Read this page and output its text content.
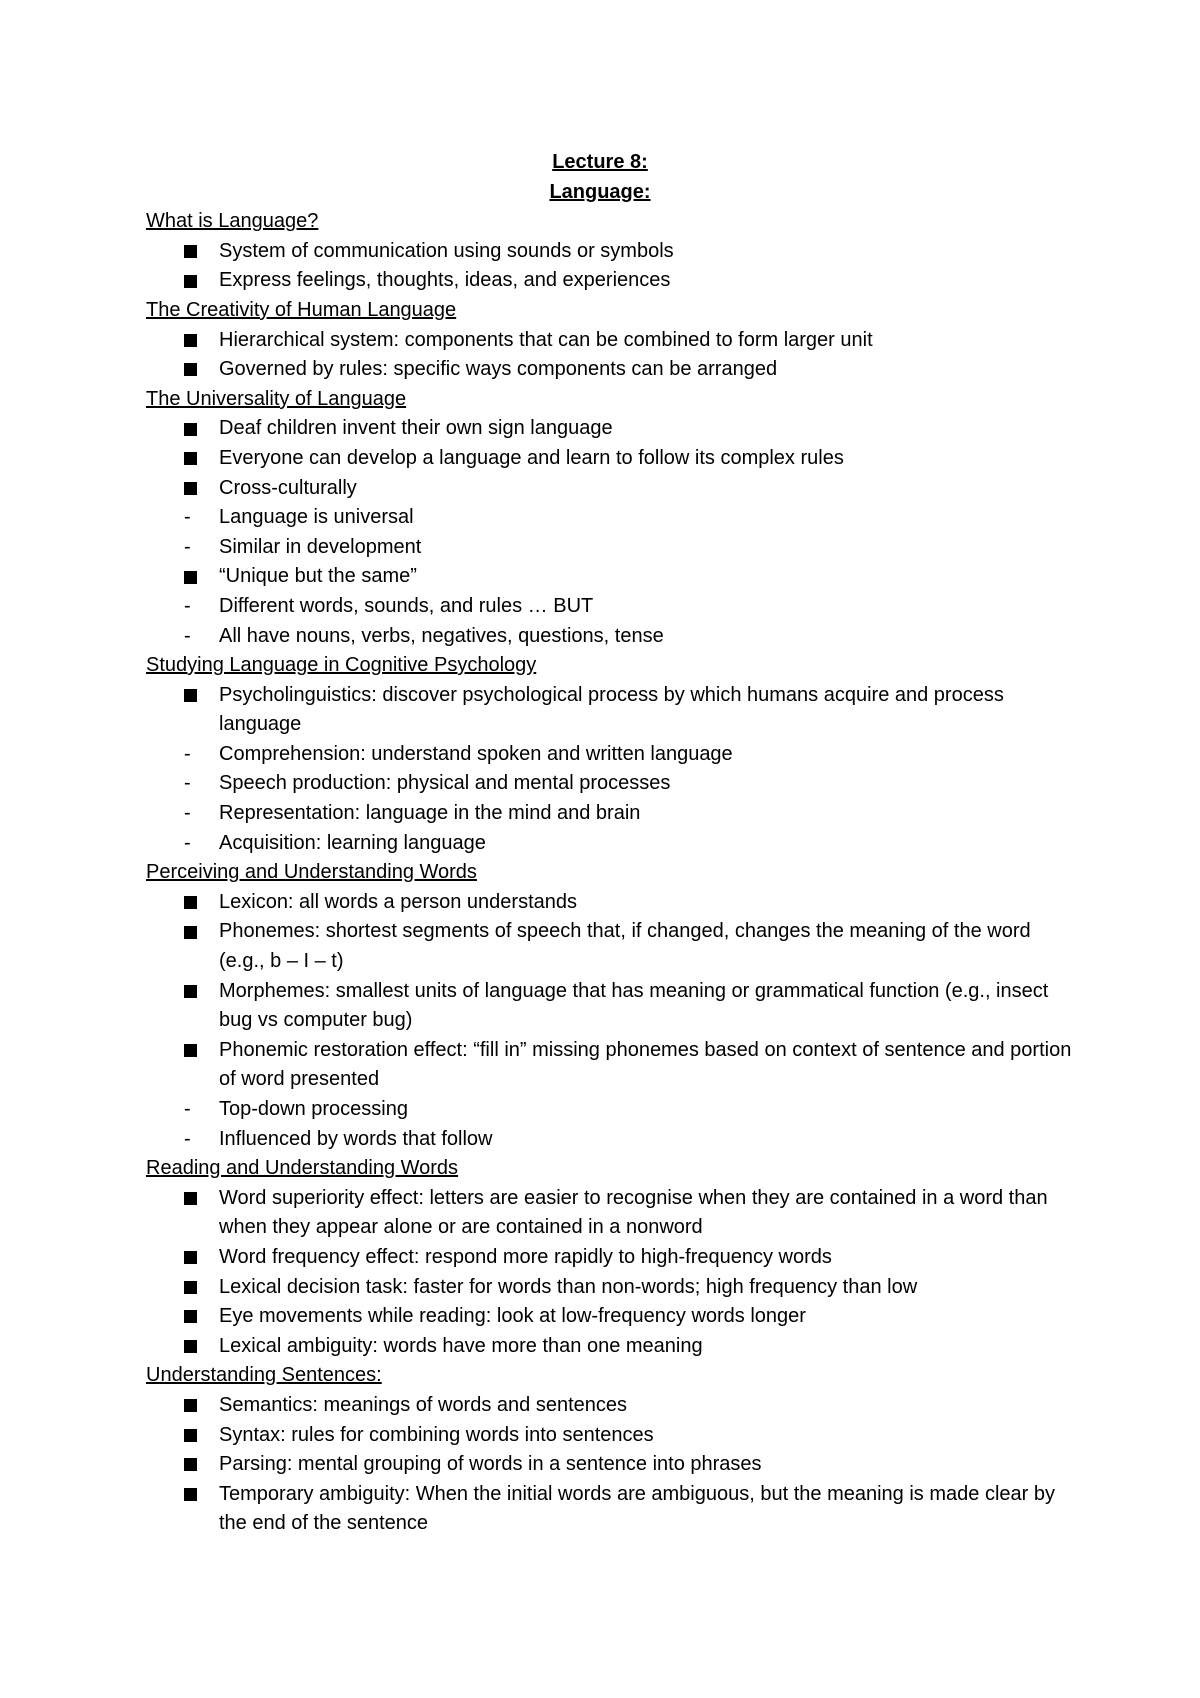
Lecture 8:
Language:
What is Language?
System of communication using sounds or symbols
Express feelings, thoughts, ideas, and experiences
The Creativity of Human Language
Hierarchical system: components that can be combined to form larger unit
Governed by rules: specific ways components can be arranged
The Universality of Language
Deaf children invent their own sign language
Everyone can develop a language and learn to follow its complex rules
Cross-culturally
- Language is universal
- Similar in development
“Unique but the same”
- Different words, sounds, and rules … BUT
- All have nouns, verbs, negatives, questions, tense
Studying Language in Cognitive Psychology
Psycholinguistics: discover psychological process by which humans acquire and process language
- Comprehension: understand spoken and written language
- Speech production: physical and mental processes
- Representation: language in the mind and brain
- Acquisition: learning language
Perceiving and Understanding Words
Lexicon: all words a person understands
Phonemes: shortest segments of speech that, if changed, changes the meaning of the word (e.g., b – I – t)
Morphemes: smallest units of language that has meaning or grammatical function (e.g., insect bug vs computer bug)
Phonemic restoration effect: “fill in” missing phonemes based on context of sentence and portion of word presented
- Top-down processing
- Influenced by words that follow
Reading and Understanding Words
Word superiority effect: letters are easier to recognise when they are contained in a word than when they appear alone or are contained in a nonword
Word frequency effect: respond more rapidly to high-frequency words
Lexical decision task: faster for words than non-words; high frequency than low
Eye movements while reading: look at low-frequency words longer
Lexical ambiguity: words have more than one meaning
Understanding Sentences:
Semantics: meanings of words and sentences
Syntax: rules for combining words into sentences
Parsing: mental grouping of words in a sentence into phrases
Temporary ambiguity: When the initial words are ambiguous, but the meaning is made clear by the end of the sentence
